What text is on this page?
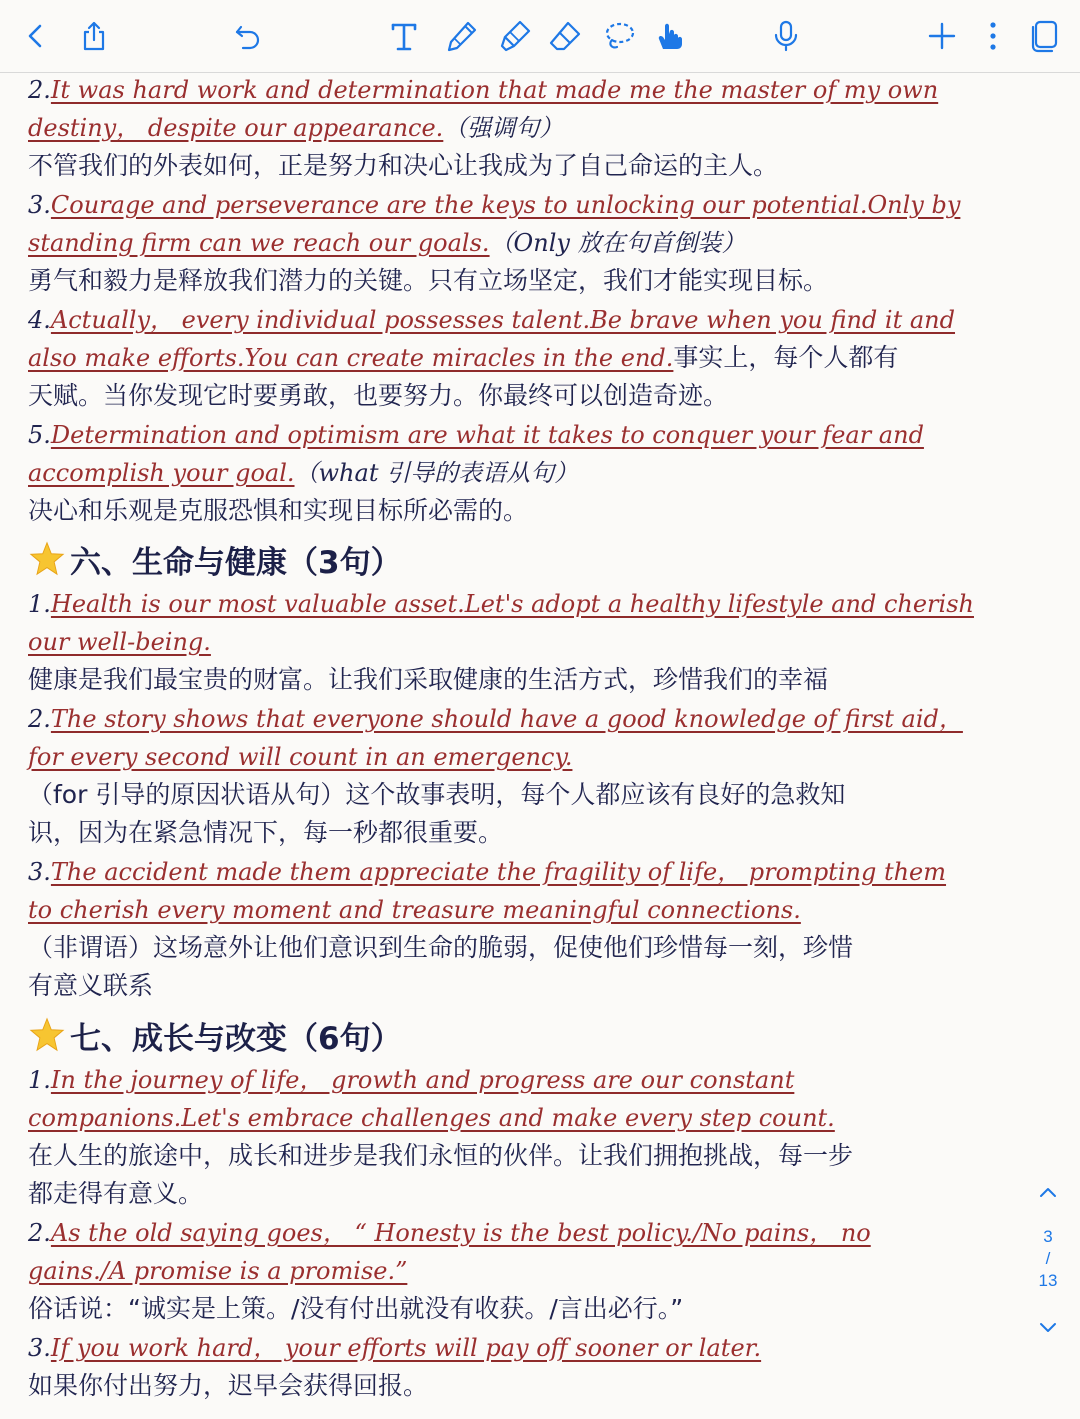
2.It was hard work and determination that made me the master of my own
destiny， despite our appearance.（强调句）
不管我们的外表如何，正是努力和决心让我成为了自己命运的主人。
3.Courage and perseverance are the keys to unlocking our potential.Only by
standing firm can we reach our goals.（Only 放在句首倒装）
勇气和毅力是释放我们潜力的关键。只有立场坚定，我们才能实现目标。
4.Actually， every individual possesses talent.Be brave when you find it and
also make efforts.You can create miracles in the end.事实上，每个人都有
天赋。当你发现它时要勇敢，也要努力。你最终可以创造奇迹。
5.Determination and optimism are what it takes to conquer your fear and
accomplish your goal.（what 引导的表语从句）
决心和乐观是克服恐惧和实现目标所必需的。
六、生命与健康（3句）
1.Health is our most valuable asset.Let's adopt a healthy lifestyle and cherish
our well-being.
健康是我们最宝贵的财富。让我们采取健康的生活方式，珍惜我们的幸福
2.The story shows that everyone should have a good knowledge of first aid，
for every second will count in an emergency.
（for 引导的原因状语从句）这个故事表明，每个人都应该有良好的急救知
识，因为在紧急情况下，每一秒都很重要。
3.The accident made them appreciate the fragility of life， prompting them
to cherish every moment and treasure meaningful connections.
（非谓语）这场意外让他们意识到生命的脆弱，促使他们珍惜每一刻，珍惜
有意义联系
七、成长与改变（6句）
1.In the journey of life， growth and progress are our constant
companions.Let's embrace challenges and make every step count.
在人生的旅途中，成长和进步是我们永恒的伙伴。让我们拥抱挑战，每一步
都走得有意义。
2.As the old saying goes， “ Honesty is the best policy./No pains， no
gains./A promise is a promise.”
俗话说：“诚实是上策。/没有付出就没有收获。/言出必行。”
3.If you work hard， your efforts will pay off sooner or later.
如果你付出努力，迟早会获得回报。
3
/
13
